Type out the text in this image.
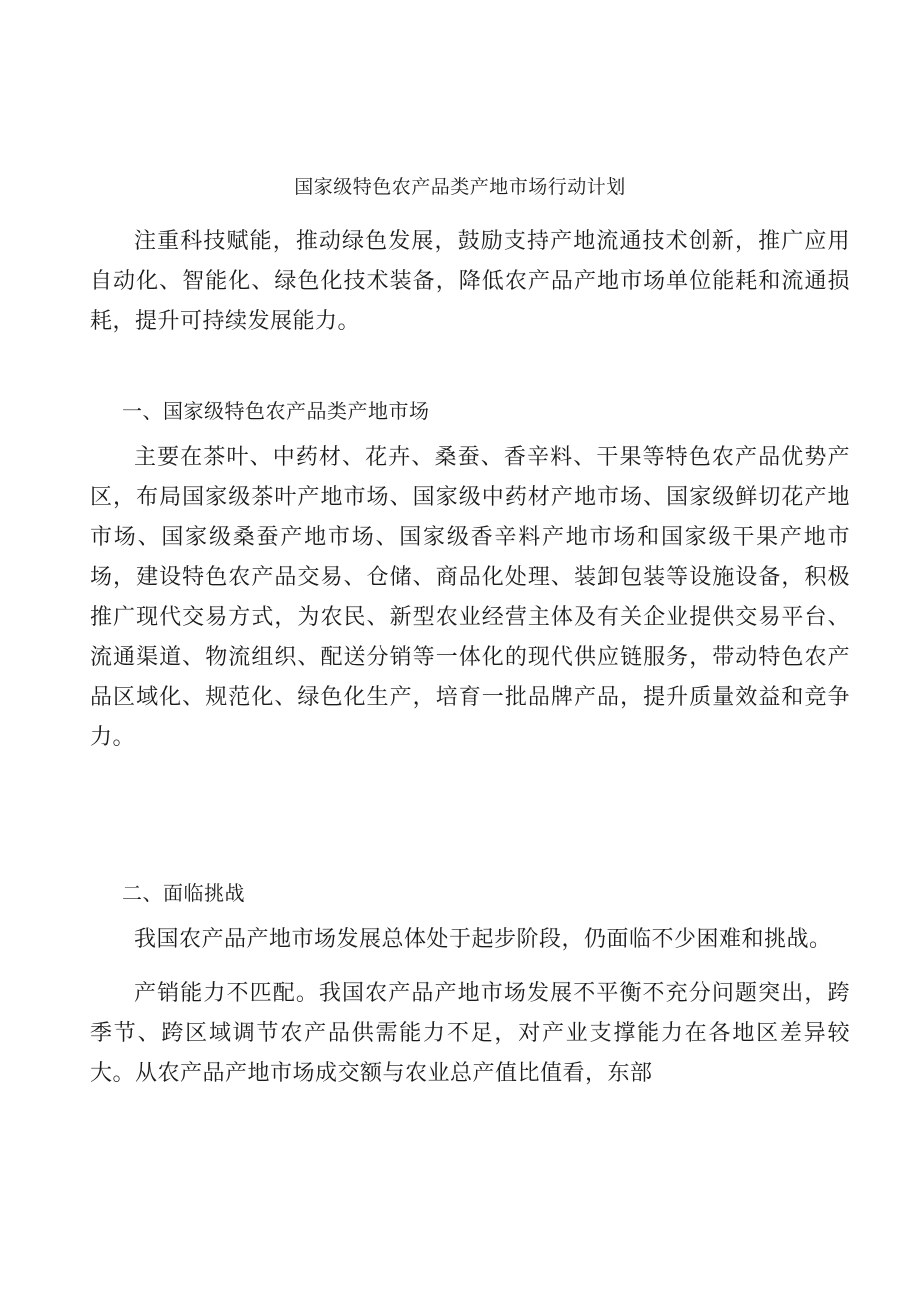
国家级特色农产品类产地市场行动计划

注重科技赋能，推动绿色发展，鼓励支持产地流通技术创新，推广应用自动化、智能化、绿色化技术装备，降低农产品产地市场单位能耗和流通损耗，提升可持续发展能力。

一、国家级特色农产品类产地市场

主要在茶叶、中药材、花卉、桑蚕、香辛料、干果等特色农产品优势产区，布局国家级茶叶产地市场、国家级中药材产地市场、国家级鲜切花产地市场、国家级桑蚕产地市场、国家级香辛料产地市场和国家级干果产地市场，建设特色农产品交易、仓储、商品化处理、装卸包装等设施设备，积极推广现代交易方式，为农民、新型农业经营主体及有关企业提供交易平台、流通渠道、物流组织、配送分销等一体化的现代供应链服务，带动特色农产品区域化、规范化、绿色化生产，培育一批品牌产品，提升质量效益和竞争力。

二、面临挑战

我国农产品产地市场发展总体处于起步阶段，仍面临不少困难和挑战。

产销能力不匹配。我国农产品产地市场发展不平衡不充分问题突出，跨季节、跨区域调节农产品供需能力不足，对产业支撑能力在各地区差异较大。从农产品产地市场成交额与农业总产值比值看，东部
